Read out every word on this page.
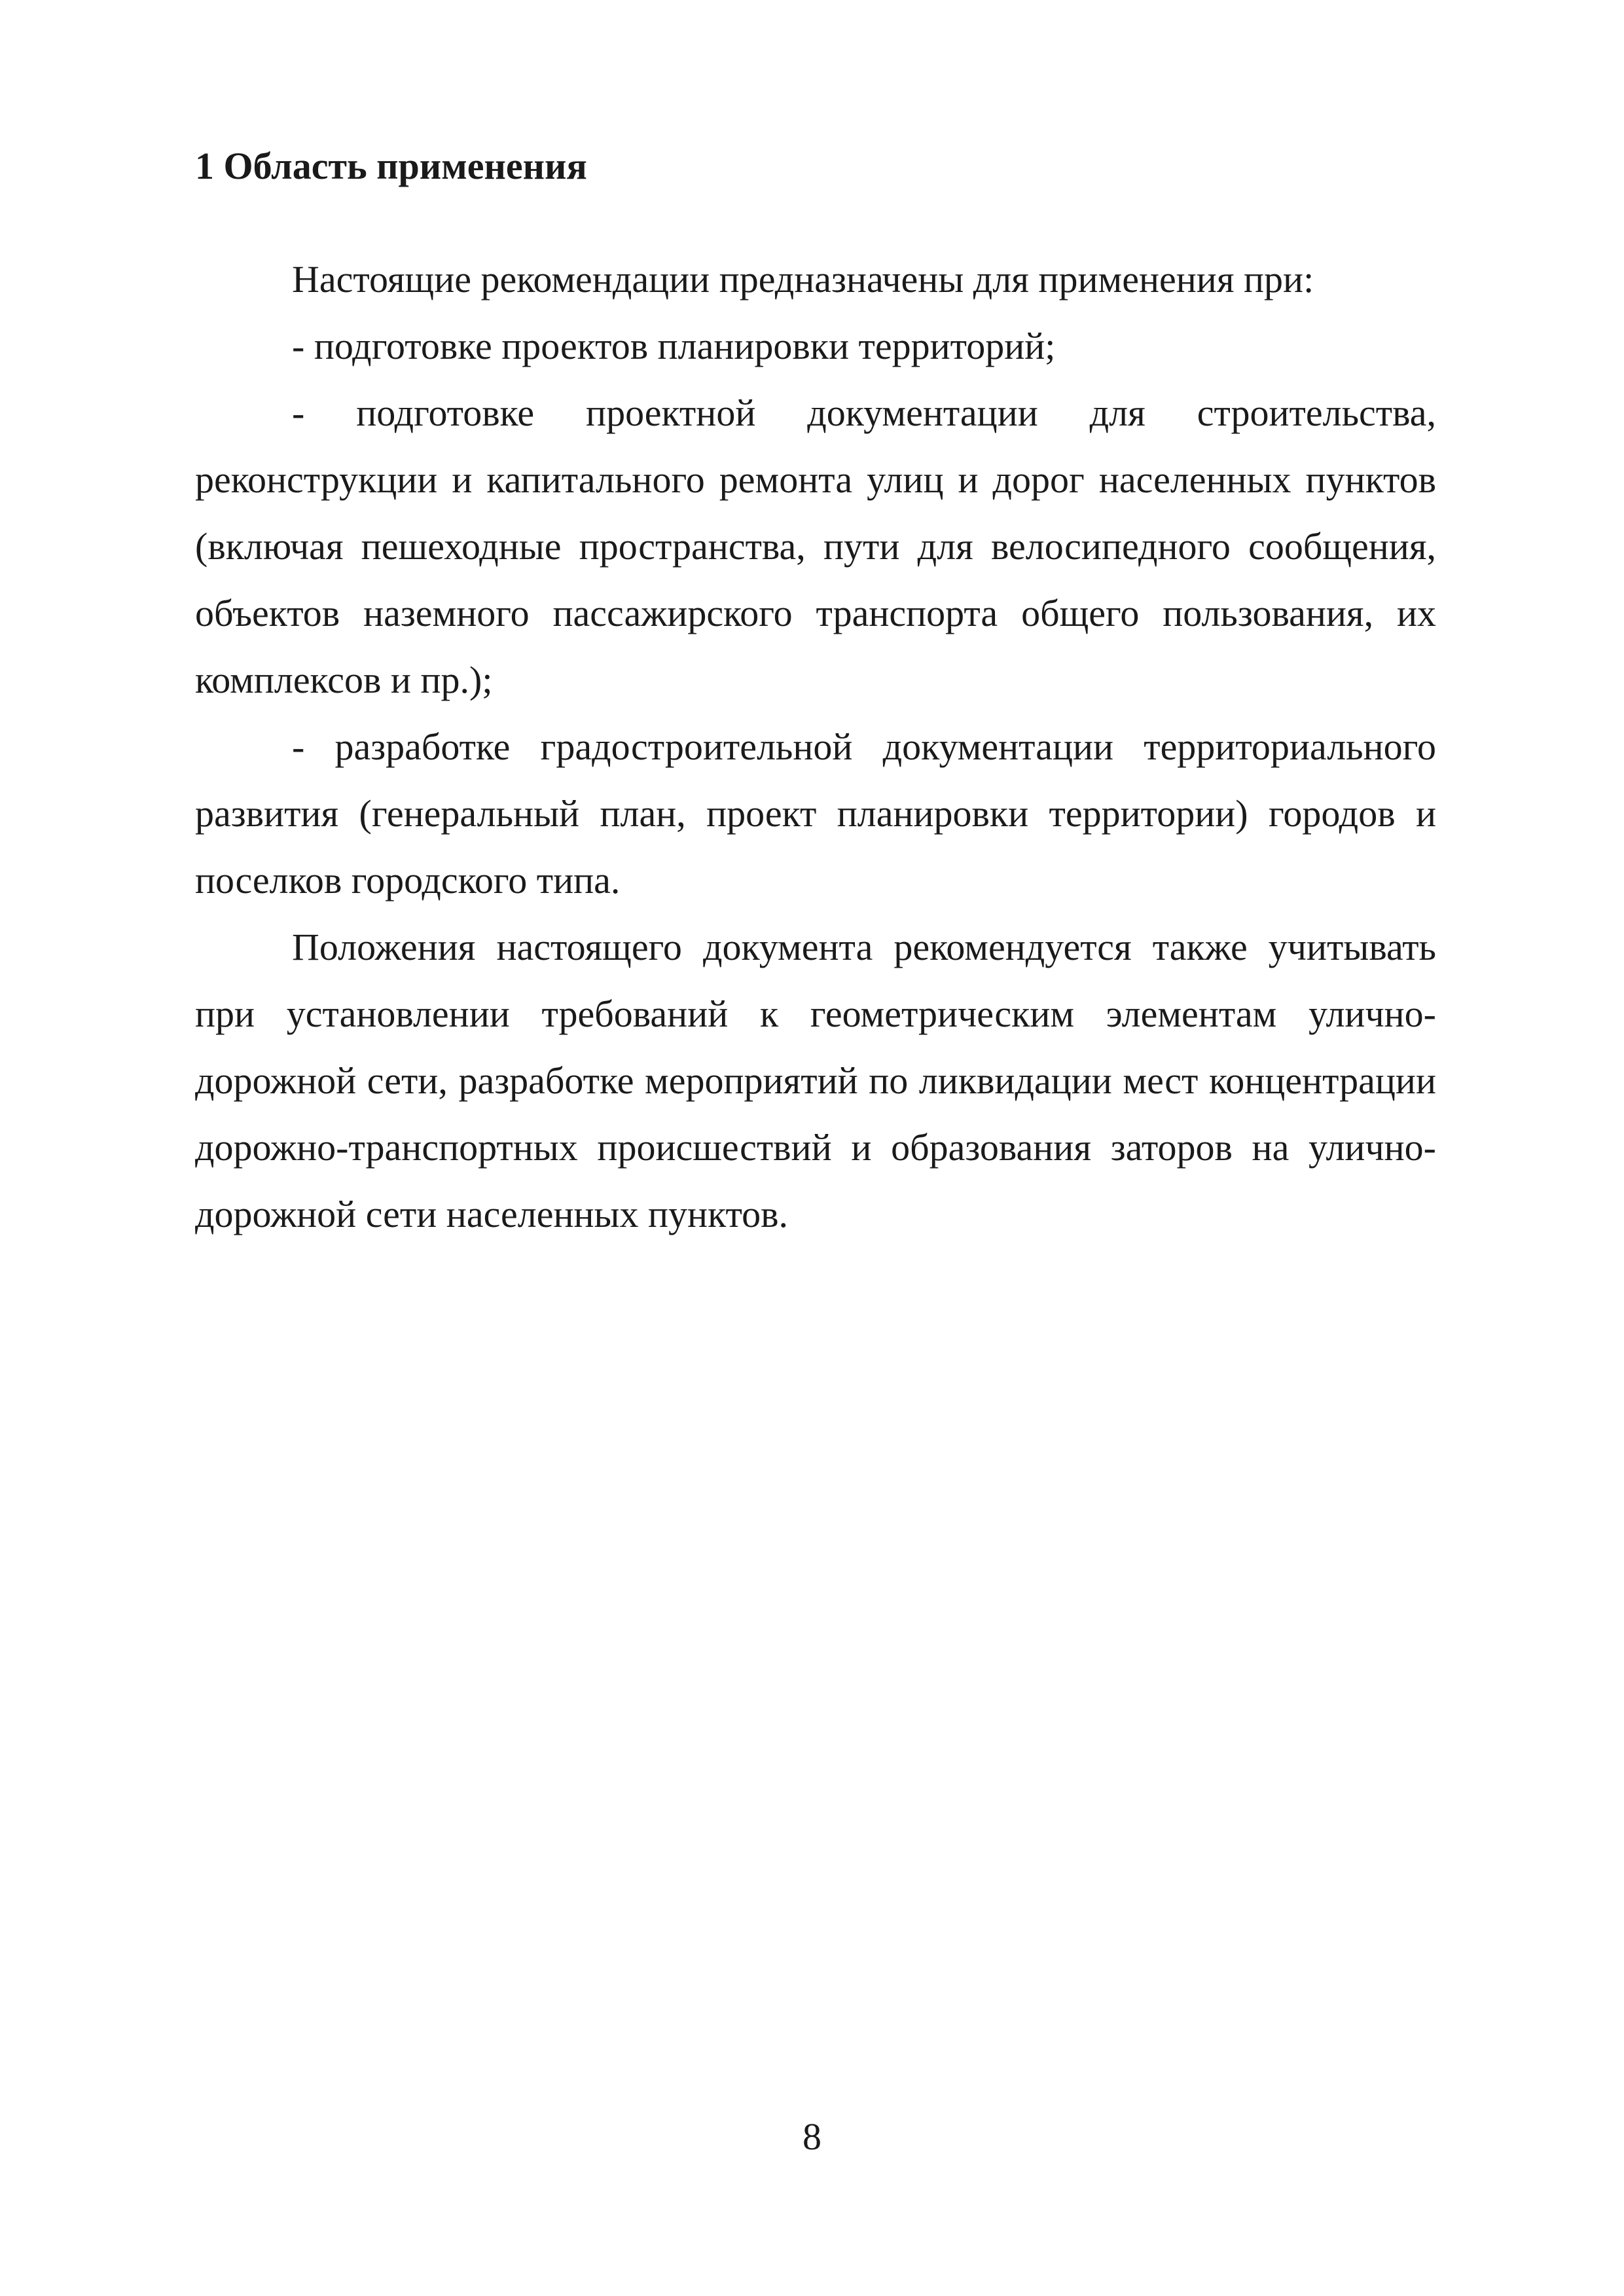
1 Область применения

Настоящие рекомендации предназначены для применения при:

- подготовке проектов планировки территорий;

- подготовке проектной документации для строительства, реконструкции и капитального ремонта улиц и дорог населенных пунктов (включая пешеходные пространства, пути для велосипедного сообщения, объектов наземного пассажирского транспорта общего пользования, их комплексов и пр.);

- разработке градостроительной документации территориального развития (генеральный план, проект планировки территории) городов и поселков городского типа.

Положения настоящего документа рекомендуется также учитывать при установлении требований к геометрическим элементам улично-дорожной сети, разработке мероприятий по ликвидации мест концентрации дорожно-транспортных происшествий и образования заторов на улично-дорожной сети населенных пунктов.

8
